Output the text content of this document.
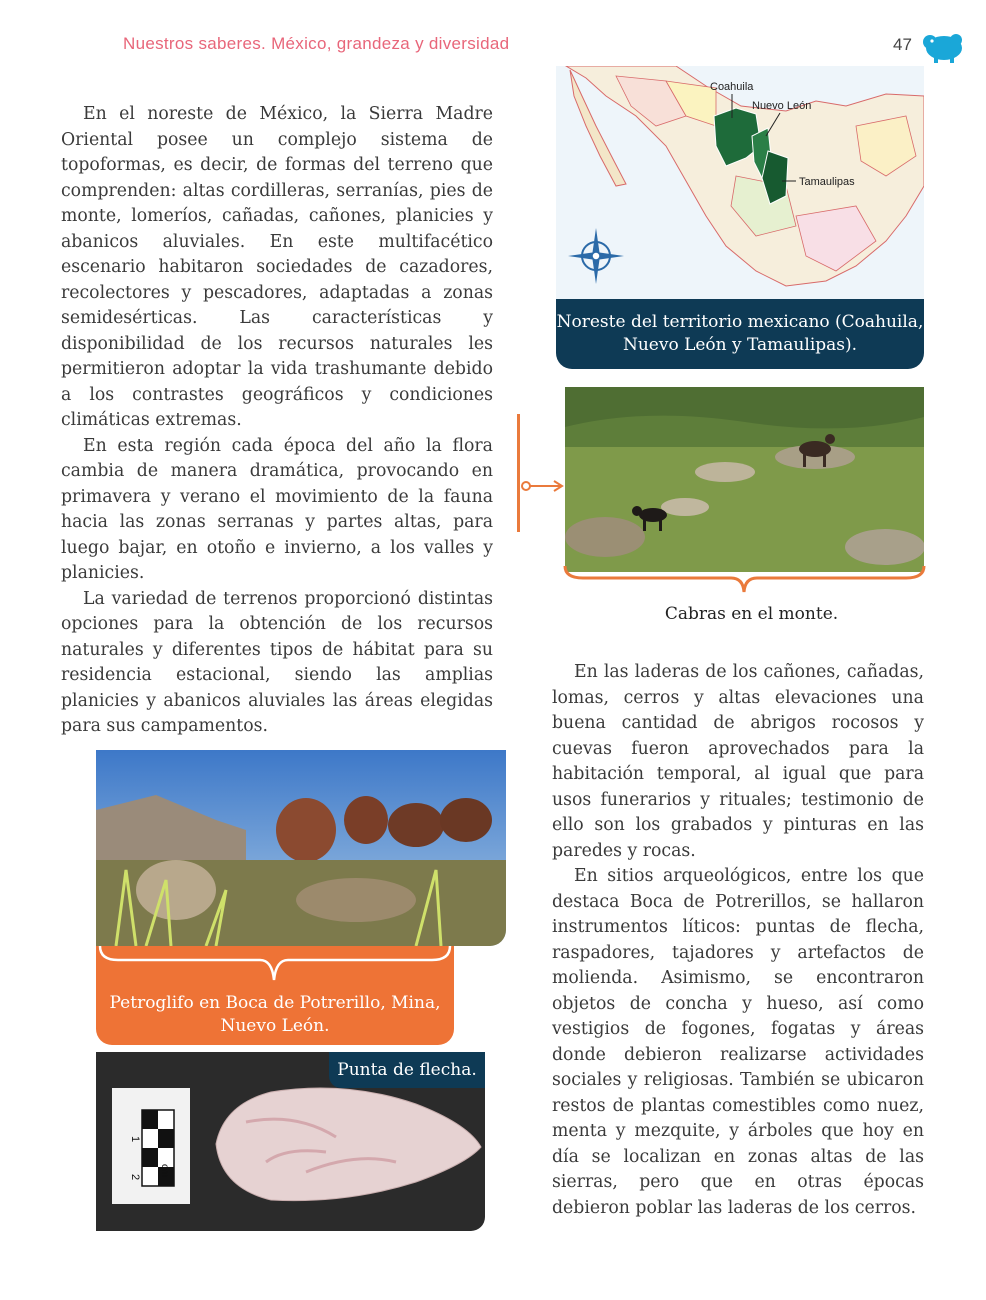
Nuestros saberes. México, grandeza y diversidad	47

En el noreste de México, la Sierra Madre Oriental posee un complejo sistema de topoformas, es decir, de formas del terreno que comprenden: altas cordilleras, serranías, pies de monte, lomeríos, cañadas, cañones, planicies y abanicos aluviales. En este multifacético escenario habitaron sociedades de cazadores, recolectores y pescadores, adaptadas a zonas semidesérticas. Las características y disponibilidad de los recursos naturales les permitieron adoptar la vida trashumante debido a los contrastes geográficos y condiciones climáticas extremas.

En esta región cada época del año la flora cambia de manera dramática, provocando en primavera y verano el movimiento de la fauna hacia las zonas serranas y partes altas, para luego bajar, en otoño e invierno, a los valles y planicies.

La variedad de terrenos proporcionó distintas opciones para la obtención de los recursos naturales y diferentes tipos de hábitat para su residencia estacional, siendo las amplias planicies y abanicos aluviales las áreas elegidas para sus campamentos.

Coahuila
Nuevo León
Tamaulipas
Noreste del territorio mexicano (Coahuila, Nuevo León y Tamaulipas).
Cabras en el monte.

En las laderas de los cañones, cañadas, lomas, cerros y altas elevaciones una buena cantidad de abrigos rocosos y cuevas fueron aprovechados para la habitación temporal, al igual que para usos funerarios y rituales; testimonio de ello son los grabados y pinturas en las paredes y rocas.

En sitios arqueológicos, entre los que destaca Boca de Potrerillos, se hallaron instrumentos líticos: puntas de flecha, raspadores, tajadores y artefactos de molienda. Asimismo, se encontraron objetos de concha y hueso, así como vestigios de fogones, fogatas y áreas donde debieron realizarse actividades sociales y religiosas. También se ubicaron restos de plantas comestibles como nuez, menta y mezquite, y árboles que hoy en día se localizan en zonas altas de las sierras, pero que en otras épocas debieron poblar las laderas de los cerros.

Petroglifo en Boca de Potrerillo, Mina, Nuevo León.
1
2 cm
Punta de flecha.
